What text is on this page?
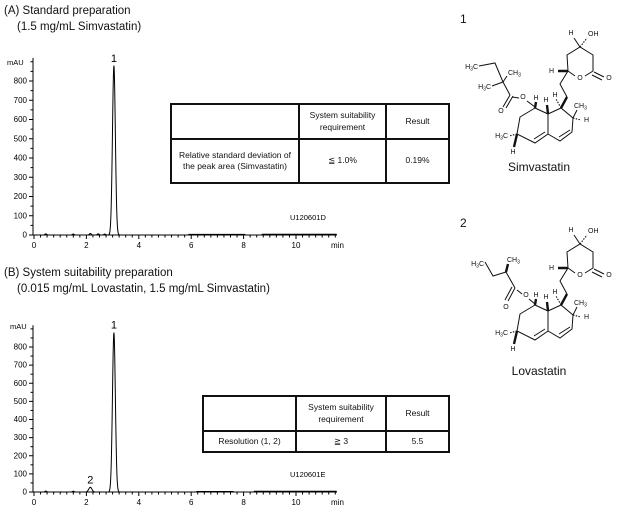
(A) Standard preparation
(1.5 mg/mL Simvastatin)
0
100
200
300
400
500
600
700
800
0	2	4	6	8	10	min
mAU
U120601D
1
	System suitability requirement	Result
Relative standard deviation of the peak area (Simvastatin)	≦ 1.0%	0.19%
(B) System suitability preparation
(0.015 mg/mL Lovastatin, 1.5 mg/mL Simvastatin)
0
100
200
300
400
500
600
700
800
0	2	4	6	8	10	min
mAU
U120601E
2
1
	System suitability requirement	Result
Resolution (1, 2)	≧ 3	5.5
1
$H_3C$
$CH_3$
$H_3C$
O
O
$H_3C$
H
H H
H
$CH_3$
H
H
O	O
OH
H
Simvastatin
2
$H_3C$
$CH_3$
O
O
$H_3C$
H
H H
H
$CH_3$
H
H
O	O
OH
H
Lovastatin
